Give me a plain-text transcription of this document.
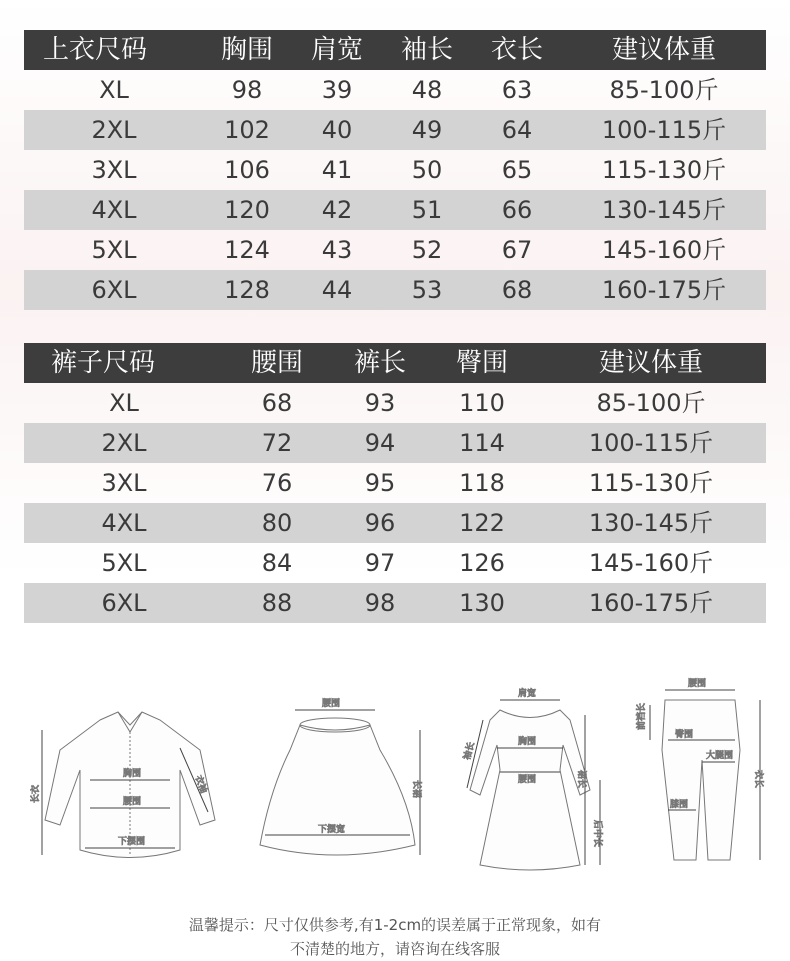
上衣尺码	胸围	肩宽	袖长	衣长	建议体重
XL	98	39	48	63	85-100斤
2XL	102	40	49	64	100-115斤
3XL	106	41	50	65	115-130斤
4XL	120	42	51	66	130-145斤
5XL	124	43	52	67	145-160斤
6XL	128	44	53	68	160-175斤
裤子尺码	腰围	裤长	臀围	建议体重
XL	68	93	110	85-100斤
2XL	72	94	114	100-115斤
3XL	76	95	118	115-130斤
4XL	80	96	122	130-145斤
5XL	84	97	126	145-160斤
6XL	88	98	130	160-175斤
胸围
腰围
下摆围
长衣	衣袖
腰围
下摆宽
长裙
肩宽
胸围
腰围
袖长
裙长
后中长
腰围
臀围
前裆长
大腿围
膝围
衣长
温馨提示：尺寸仅供参考,有1-2cm的误差属于正常现象，如有
不清楚的地方，请咨询在线客服
